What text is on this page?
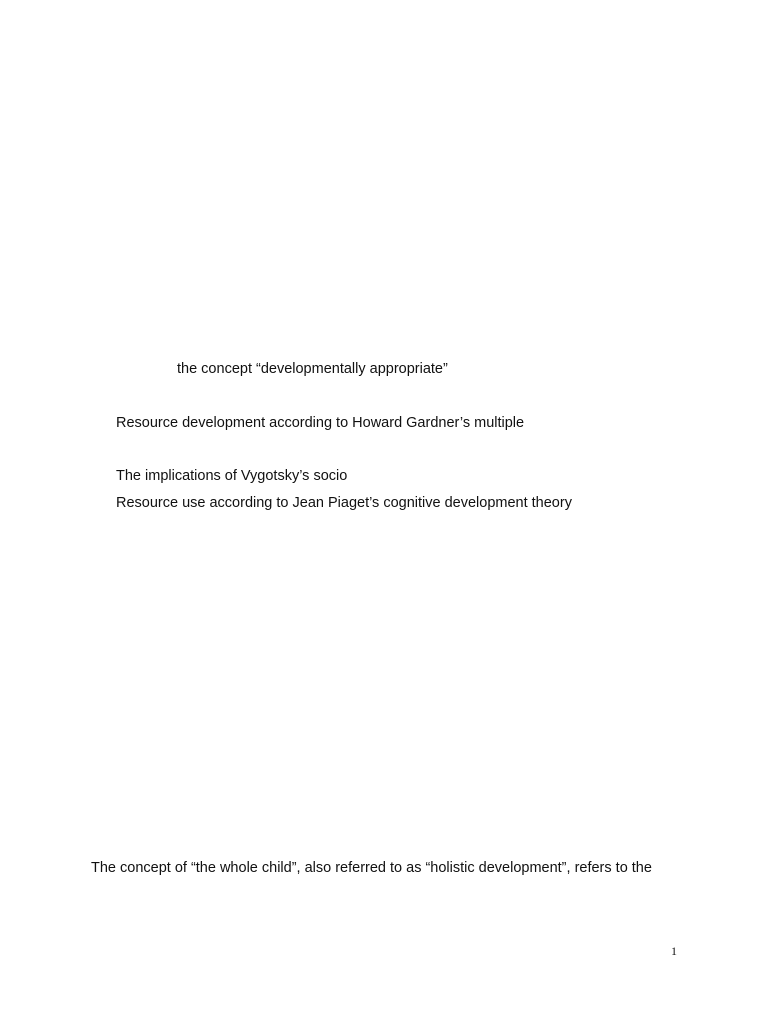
the concept “developmentally appropriate”

Resource development according to Howard Gardner’s multiple

The implications of Vygotsky’s socio

Resource use according to Jean Piaget’s cognitive development theory

The concept of “the whole child”, also referred to as “holistic development”, refers to the

1
